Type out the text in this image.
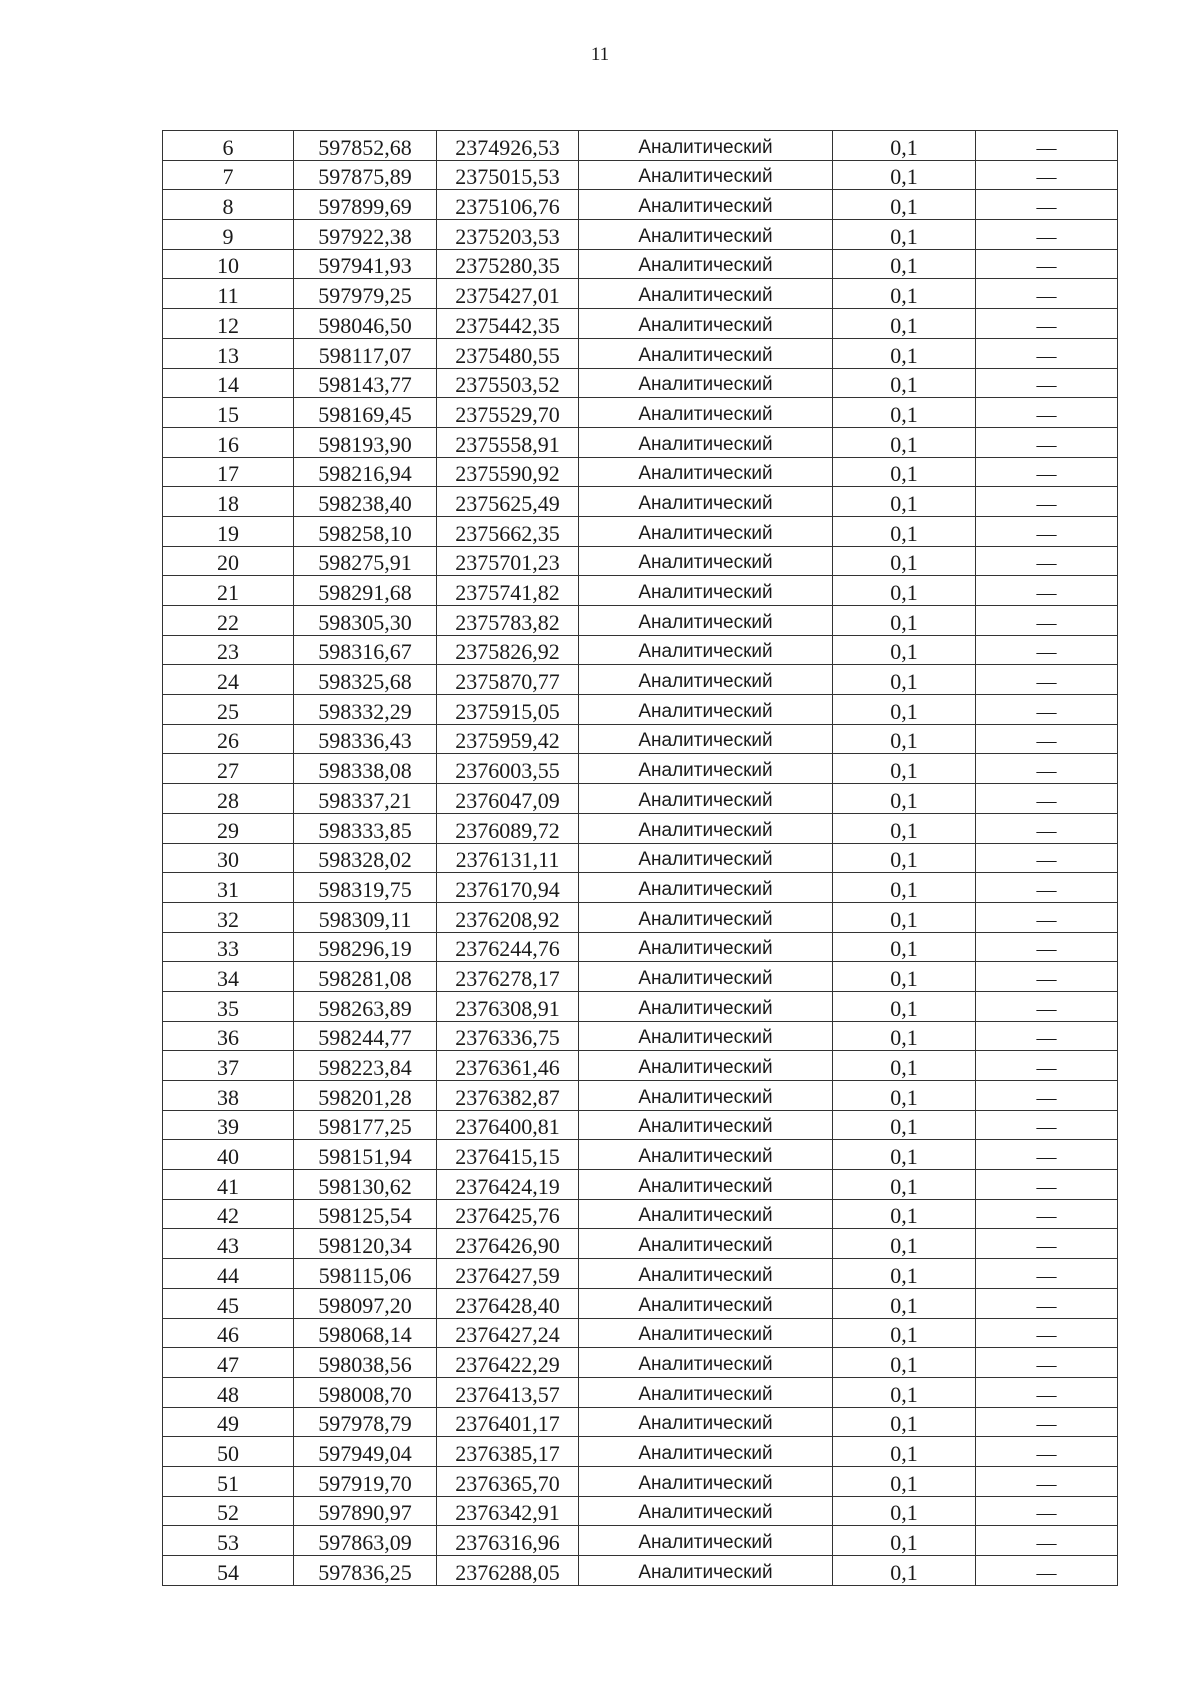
11
6	597852,68	2374926,53	Аналитический	0,1	—
7	597875,89	2375015,53	Аналитический	0,1	—
8	597899,69	2375106,76	Аналитический	0,1	—
9	597922,38	2375203,53	Аналитический	0,1	—
10	597941,93	2375280,35	Аналитический	0,1	—
11	597979,25	2375427,01	Аналитический	0,1	—
12	598046,50	2375442,35	Аналитический	0,1	—
13	598117,07	2375480,55	Аналитический	0,1	—
14	598143,77	2375503,52	Аналитический	0,1	—
15	598169,45	2375529,70	Аналитический	0,1	—
16	598193,90	2375558,91	Аналитический	0,1	—
17	598216,94	2375590,92	Аналитический	0,1	—
18	598238,40	2375625,49	Аналитический	0,1	—
19	598258,10	2375662,35	Аналитический	0,1	—
20	598275,91	2375701,23	Аналитический	0,1	—
21	598291,68	2375741,82	Аналитический	0,1	—
22	598305,30	2375783,82	Аналитический	0,1	—
23	598316,67	2375826,92	Аналитический	0,1	—
24	598325,68	2375870,77	Аналитический	0,1	—
25	598332,29	2375915,05	Аналитический	0,1	—
26	598336,43	2375959,42	Аналитический	0,1	—
27	598338,08	2376003,55	Аналитический	0,1	—
28	598337,21	2376047,09	Аналитический	0,1	—
29	598333,85	2376089,72	Аналитический	0,1	—
30	598328,02	2376131,11	Аналитический	0,1	—
31	598319,75	2376170,94	Аналитический	0,1	—
32	598309,11	2376208,92	Аналитический	0,1	—
33	598296,19	2376244,76	Аналитический	0,1	—
34	598281,08	2376278,17	Аналитический	0,1	—
35	598263,89	2376308,91	Аналитический	0,1	—
36	598244,77	2376336,75	Аналитический	0,1	—
37	598223,84	2376361,46	Аналитический	0,1	—
38	598201,28	2376382,87	Аналитический	0,1	—
39	598177,25	2376400,81	Аналитический	0,1	—
40	598151,94	2376415,15	Аналитический	0,1	—
41	598130,62	2376424,19	Аналитический	0,1	—
42	598125,54	2376425,76	Аналитический	0,1	—
43	598120,34	2376426,90	Аналитический	0,1	—
44	598115,06	2376427,59	Аналитический	0,1	—
45	598097,20	2376428,40	Аналитический	0,1	—
46	598068,14	2376427,24	Аналитический	0,1	—
47	598038,56	2376422,29	Аналитический	0,1	—
48	598008,70	2376413,57	Аналитический	0,1	—
49	597978,79	2376401,17	Аналитический	0,1	—
50	597949,04	2376385,17	Аналитический	0,1	—
51	597919,70	2376365,70	Аналитический	0,1	—
52	597890,97	2376342,91	Аналитический	0,1	—
53	597863,09	2376316,96	Аналитический	0,1	—
54	597836,25	2376288,05	Аналитический	0,1	—
